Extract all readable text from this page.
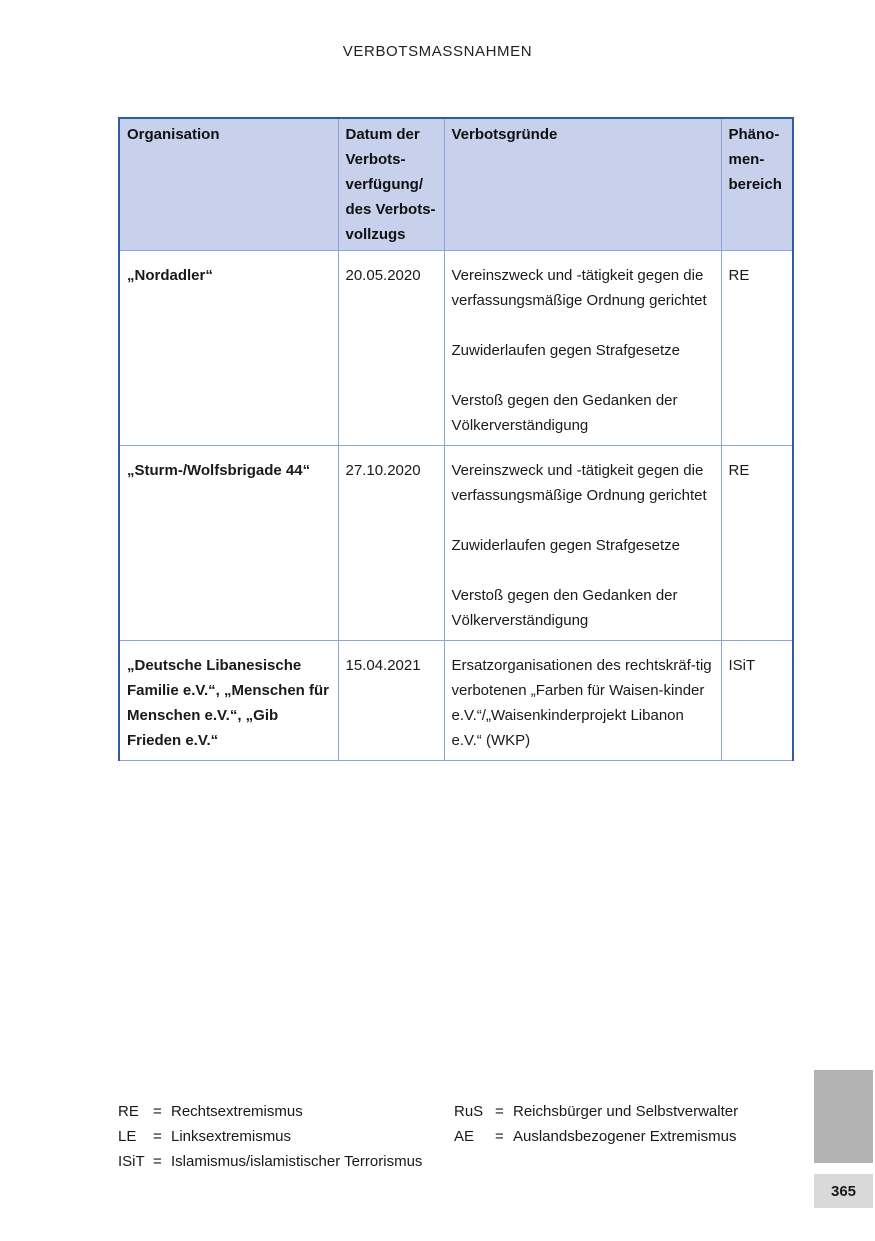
VERBOTSMASSNAHMEN
Organisation	Datum der Verbots-verfügung/ des Verbots-vollzugs	Verbotsgründe	Phäno-men-bereich
„Nordadler“	20.05.2020	Vereinszweck und -tätigkeit gegen die verfassungsmäßige Ordnung gerichtet
Zuwiderlaufen gegen Strafgesetze
Verstoß gegen den Gedanken der Völkerverständigung	RE
„Sturm-/Wolfsbrigade 44“	27.10.2020	Vereinszweck und -tätigkeit gegen die verfassungsmäßige Ordnung gerichtet
Zuwiderlaufen gegen Strafgesetze
Verstoß gegen den Gedanken der Völkerverständigung	RE
„Deutsche Libanesische Familie e.V.“, „Menschen für Menschen e.V.“, „Gib Frieden e.V.“	15.04.2021	Ersatzorganisationen des rechtskräf-tig verbotenen „Farben für Waisen-kinder e.V.“/„Waisenkinderprojekt Libanon e.V.“ (WKP)	ISiT
RE = Rechtsextremismus
LE	= Linksextremismus
ISiT = Islamismus/islamistischer Terrorismus
RuS = Reichsbürger und Selbstverwalter
AE	= Auslandsbezogener Extremismus
365
